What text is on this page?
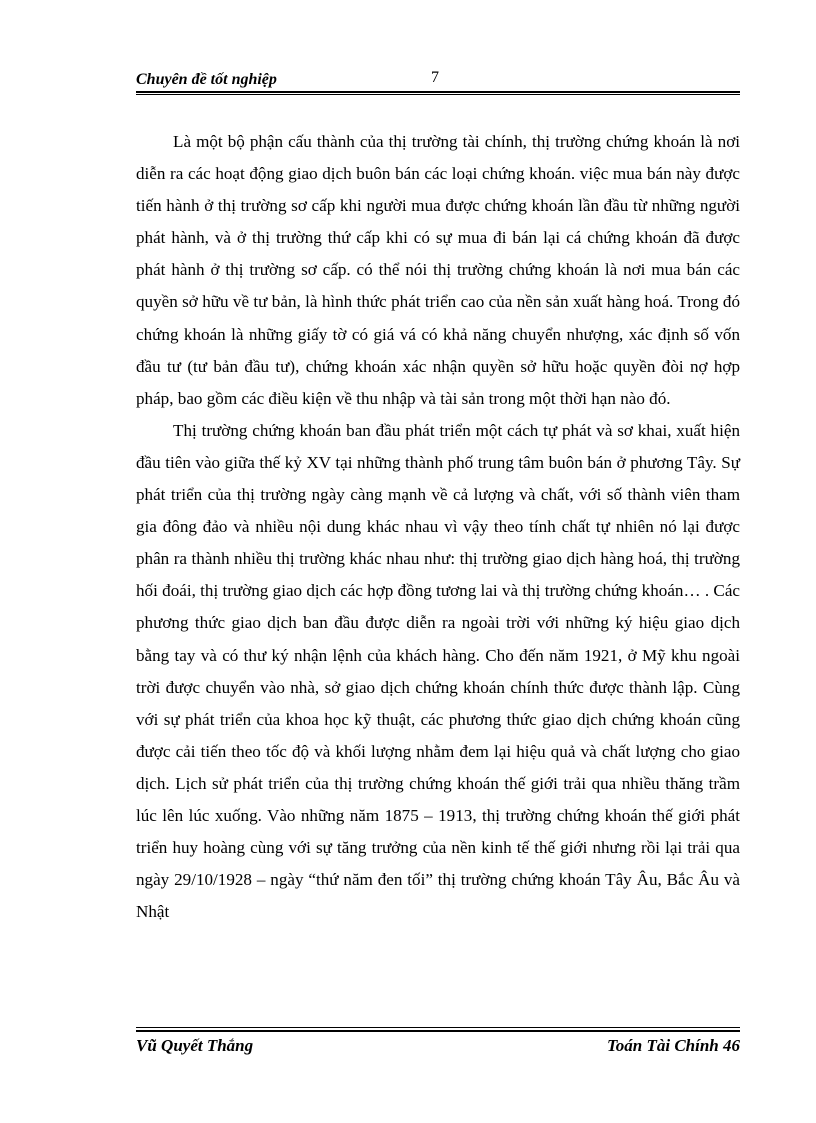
Chuyên đề tốt nghiệp	7

Là một bộ phận cấu thành của thị trường tài chính, thị trường chứng khoán là nơi diễn ra các hoạt động giao dịch buôn bán các loại chứng khoán. việc mua bán này được tiến hành ở thị trường sơ cấp khi người mua được chứng khoán lần đầu từ những người phát hành, và ở thị trường thứ cấp khi có sự mua đi bán lại cá chứng khoán đã được phát hành ở thị trường sơ cấp. có thể nói thị trường chứng khoán là nơi mua bán các quyền sở hữu về tư bản, là hình thức phát triển cao của nền sản xuất hàng hoá. Trong đó chứng khoán là những giấy tờ có giá vá có khả năng chuyển nhượng, xác định số vốn đầu tư (tư bản đầu tư), chứng khoán xác nhận quyền sở hữu hoặc quyền đòi nợ hợp pháp, bao gồm các điều kiện về thu nhập và tài sản trong một thời hạn nào đó.

Thị trường chứng khoán ban đầu phát triển một cách tự phát và sơ khai, xuất hiện đầu tiên vào giữa thế kỷ XV tại những thành phố trung tâm buôn bán ở phương Tây. Sự phát triển của thị trường ngày càng mạnh về cả lượng và chất, với số thành viên tham gia đông đảo và nhiều nội dung khác nhau vì vậy theo tính chất tự nhiên nó lại được phân ra thành nhiều thị trường khác nhau như: thị trường giao dịch hàng hoá, thị trường hối đoái, thị trường giao dịch các hợp đồng tương lai và thị trường chứng khoán… . Các phương thức giao dịch ban đầu được diễn ra ngoài trời với những ký hiệu giao dịch bằng tay và có thư ký nhận lệnh của khách hàng. Cho đến năm 1921, ở Mỹ khu ngoài trời được chuyển vào nhà, sở giao dịch chứng khoán chính thức được thành lập. Cùng với sự phát triển của khoa học kỹ thuật, các phương thức giao dịch chứng khoán cũng được cải tiến theo tốc độ và khối lượng nhằm đem lại hiệu quả và chất lượng cho giao dịch. Lịch sử phát triển của thị trường chứng khoán thế giới trải qua nhiều thăng trầm lúc lên lúc xuống. Vào những năm 1875 – 1913, thị trường chứng khoán thế giới phát triển huy hoàng cùng với sự tăng trưởng của nền kinh tế thế giới nhưng rồi lại trải qua ngày 29/10/1928 – ngày “thứ năm đen tối” thị trường chứng khoán Tây Âu, Bắc Âu và Nhật

Vũ Quyết Thắng	Toán Tài Chính 46
